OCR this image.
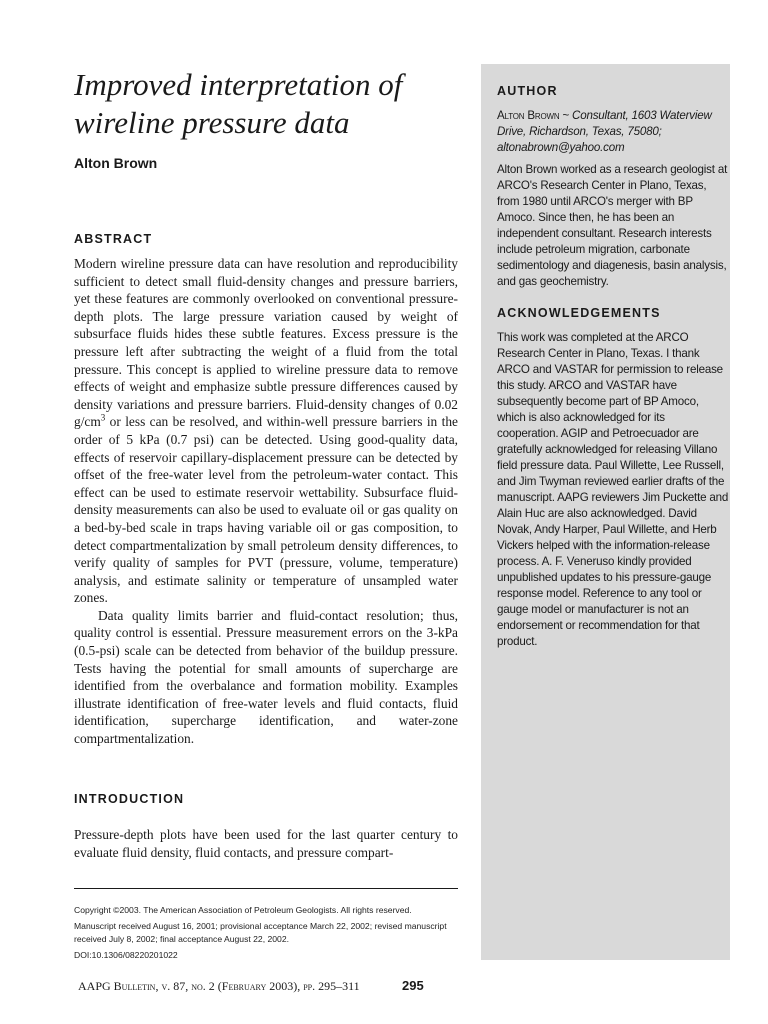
Improved interpretation of wireline pressure data
Alton Brown
ABSTRACT

Modern wireline pressure data can have resolution and reproducibility sufficient to detect small fluid-density changes and pressure barriers, yet these features are commonly overlooked on conventional pressure-depth plots. The large pressure variation caused by weight of subsurface fluids hides these subtle features. Excess pressure is the pressure left after subtracting the weight of a fluid from the total pressure. This concept is applied to wireline pressure data to remove effects of weight and emphasize subtle pressure differences caused by density variations and pressure barriers. Fluid-density changes of 0.02 $g/cm^3$ or less can be resolved, and within-well pressure barriers in the order of 5 kPa (0.7 psi) can be detected. Using good-quality data, effects of reservoir capillary-displacement pressure can be detected by offset of the free-water level from the petroleum-water contact. This effect can be used to estimate reservoir wettability. Subsurface fluid-density measurements can also be used to evaluate oil or gas quality on a bed-by-bed scale in traps having variable oil or gas composition, to detect compartmentalization by small petroleum density differences, to verify quality of samples for PVT (pressure, volume, temperature) analysis, and estimate salinity or temperature of unsampled water zones.

Data quality limits barrier and fluid-contact resolution; thus, quality control is essential. Pressure measurement errors on the 3-kPa (0.5-psi) scale can be detected from behavior of the buildup pressure. Tests having the potential for small amounts of supercharge are identified from the overbalance and formation mobility. Examples illustrate identification of free-water levels and fluid contacts, fluid identification, supercharge identification, and water-zone compartmentalization.

INTRODUCTION

Pressure-depth plots have been used for the last quarter century to evaluate fluid density, fluid contacts, and pressure compart-

AUTHOR

Alton Brown ~ Consultant, 1603 Waterview Drive, Richardson, Texas, 75080; altonabrown@yahoo.com

Alton Brown worked as a research geologist at ARCO's Research Center in Plano, Texas, from 1980 until ARCO's merger with BP Amoco. Since then, he has been an independent consultant. Research interests include petroleum migration, carbonate sedimentology and diagenesis, basin analysis, and gas geochemistry.

ACKNOWLEDGEMENTS

This work was completed at the ARCO Research Center in Plano, Texas. I thank ARCO and VASTAR for permission to release this study. ARCO and VASTAR have subsequently become part of BP Amoco, which is also acknowledged for its cooperation. AGIP and Petroecuador are gratefully acknowledged for releasing Villano field pressure data. Paul Willette, Lee Russell, and Jim Twyman reviewed earlier drafts of the manuscript. AAPG reviewers Jim Puckette and Alain Huc are also acknowledged. David Novak, Andy Harper, Paul Willette, and Herb Vickers helped with the information-release process. A. F. Veneruso kindly provided unpublished updates to his pressure-gauge response model. Reference to any tool or gauge model or manufacturer is not an endorsement or recommendation for that product.

Copyright ©2003. The American Association of Petroleum Geologists. All rights reserved.

Manuscript received August 16, 2001; provisional acceptance March 22, 2002; revised manuscript received July 8, 2002; final acceptance August 22, 2002.

DOI:10.1306/08220201022

AAPG Bulletin, v. 87, no. 2 (February 2003), pp. 295–311	295
